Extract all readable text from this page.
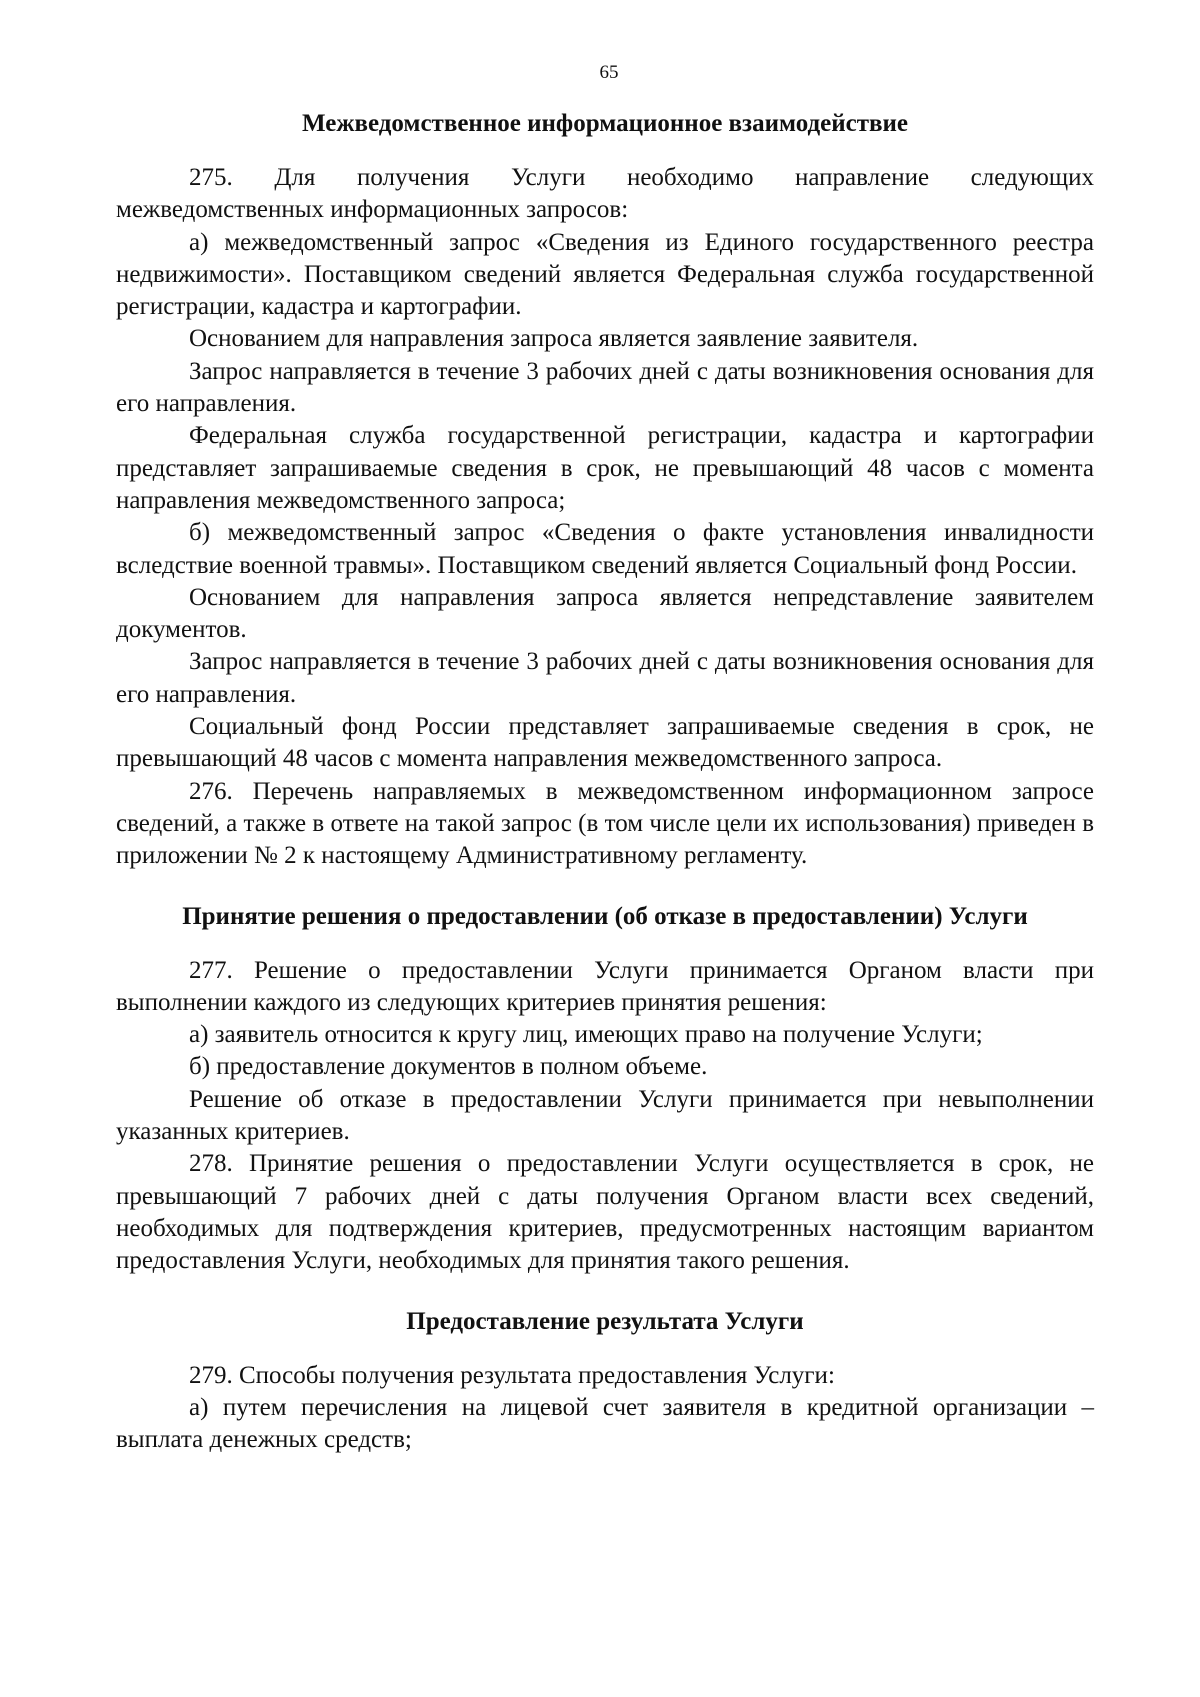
65
Межведомственное информационное взаимодействие

275. Для получения Услуги необходимо направление следующих межведомственных информационных запросов:

а) межведомственный запрос «Сведения из Единого государственного реестра недвижимости». Поставщиком сведений является Федеральная служба государственной регистрации, кадастра и картографии.

Основанием для направления запроса является заявление заявителя.

Запрос направляется в течение 3 рабочих дней с даты возникновения основания для его направления.

Федеральная служба государственной регистрации, кадастра и картографии представляет запрашиваемые сведения в срок, не превышающий 48 часов с момента направления межведомственного запроса;

б) межведомственный запрос «Сведения о факте установления инвалидности вследствие военной травмы». Поставщиком сведений является Социальный фонд России.

Основанием для направления запроса является непредставление заявителем документов.

Запрос направляется в течение 3 рабочих дней с даты возникновения основания для его направления.

Социальный фонд России представляет запрашиваемые сведения в срок, не превышающий 48 часов с момента направления межведомственного запроса.

276. Перечень направляемых в межведомственном информационном запросе сведений, а также в ответе на такой запрос (в том числе цели их использования) приведен в приложении № 2 к настоящему Административному регламенту.

Принятие решения о предоставлении (об отказе в предоставлении) Услуги

277. Решение о предоставлении Услуги принимается Органом власти при выполнении каждого из следующих критериев принятия решения:

а) заявитель относится к кругу лиц, имеющих право на получение Услуги;

б) предоставление документов в полном объеме.

Решение об отказе в предоставлении Услуги принимается при невыполнении указанных критериев.

278. Принятие решения о предоставлении Услуги осуществляется в срок, не превышающий 7 рабочих дней с даты получения Органом власти всех сведений, необходимых для подтверждения критериев, предусмотренных настоящим вариантом предоставления Услуги, необходимых для принятия такого решения.

Предоставление результата Услуги

279. Способы получения результата предоставления Услуги:

а) путем перечисления на лицевой счет заявителя в кредитной организации – выплата денежных средств;
